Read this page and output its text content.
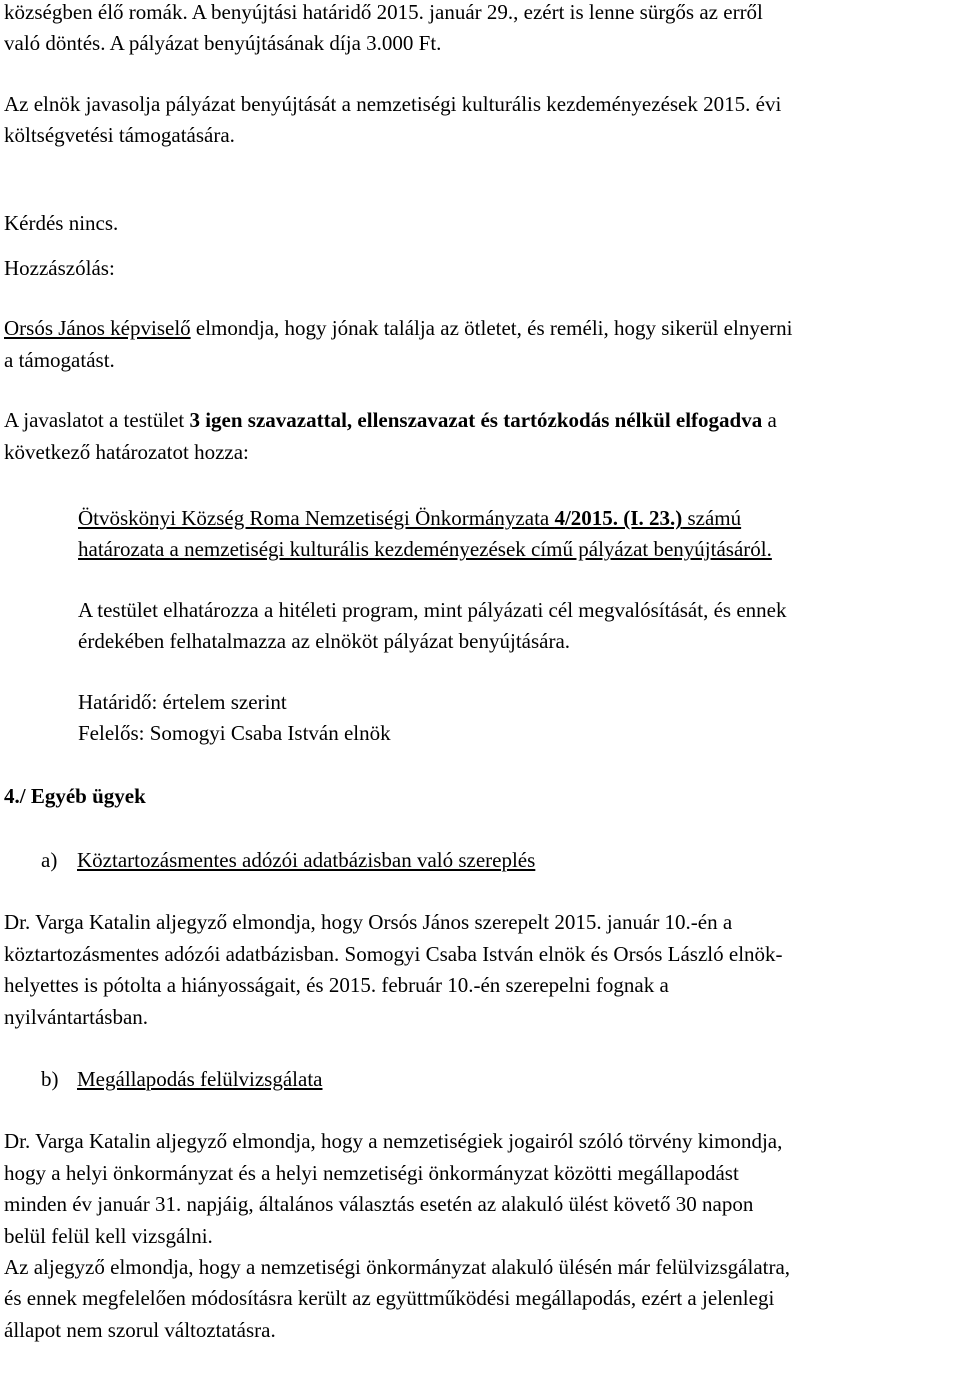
községben élő romák. A benyújtási határidő 2015. január 29., ezért is lenne sürgős az erről
való döntés. A pályázat benyújtásának díja 3.000 Ft.

Az elnök javasolja pályázat benyújtását a nemzetiségi kulturális kezdeményezések 2015. évi
költségvetési támogatására.

Kérdés nincs.

Hozzászólás:

Orsós János képviselő elmondja, hogy jónak találja az ötletet, és reméli, hogy sikerül elnyerni
a támogatást.

A javaslatot a testület 3 igen szavazattal, ellenszavazat és tartózkodás nélkül elfogadva a
következő határozatot hozza:

Ötvöskönyi Község Roma Nemzetiségi Önkormányzata 4/2015. (I. 23.) számú
határozata a nemzetiségi kulturális kezdeményezések című pályázat benyújtásáról.

A testület elhatározza a hitéleti program, mint pályázati cél megvalósítását, és ennek
érdekében felhatalmazza az elnököt pályázat benyújtására.

Határidő: értelem szerint

Felelős: Somogyi Csaba István elnök

4./ Egyéb ügyek

a) Köztartozásmentes adózói adatbázisban való szereplés

Dr. Varga Katalin aljegyző elmondja, hogy Orsós János szerepelt 2015. január 10.-én a
köztartozásmentes adózói adatbázisban. Somogyi Csaba István elnök és Orsós László elnök-
helyettes is pótolta a hiányosságait, és 2015. február 10.-én szerepelni fognak a
nyilvántartásban.

b) Megállapodás felülvizsgálata

Dr. Varga Katalin aljegyző elmondja, hogy a nemzetiségiek jogairól szóló törvény kimondja,
hogy a helyi önkormányzat és a helyi nemzetiségi önkormányzat közötti megállapodást
minden év január 31. napjáig, általános választás esetén az alakuló ülést követő 30 napon
belül felül kell vizsgálni.

Az aljegyző elmondja, hogy a nemzetiségi önkormányzat alakuló ülésén már felülvizsgálatra,
és ennek megfelelően módosításra került az együttműködési megállapodás, ezért a jelenlegi
állapot nem szorul változtatásra.
